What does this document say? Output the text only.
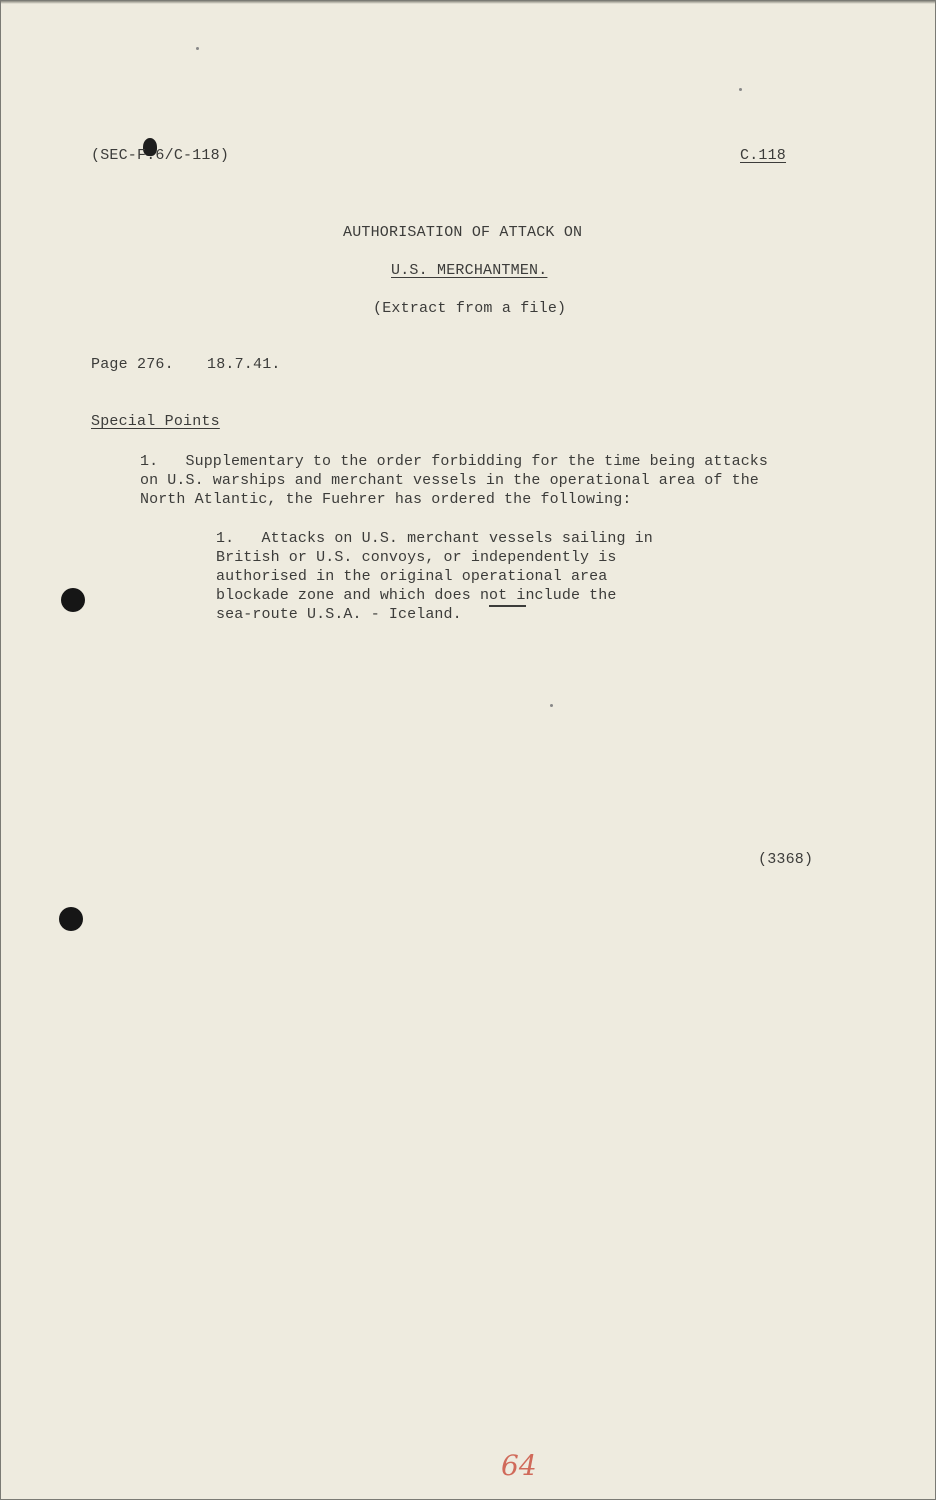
(SEC-F.6/C-118)	C.118
AUTHORISATION OF ATTACK ON
U.S. MERCHANTMEN.
(Extract from a file)
Page 276. 18.7.41.
Special Points
1.   Supplementary to the order forbidding for the time being attacks
on U.S. warships and merchant vessels in the operational area of the
North Atlantic, the Fuehrer has ordered the following:
1.   Attacks on U.S. merchant vessels sailing in
British or U.S. convoys, or independently is
authorised in the original operational area
blockade zone and which does not include the
sea-route U.S.A. - Iceland.
(3368)
64
